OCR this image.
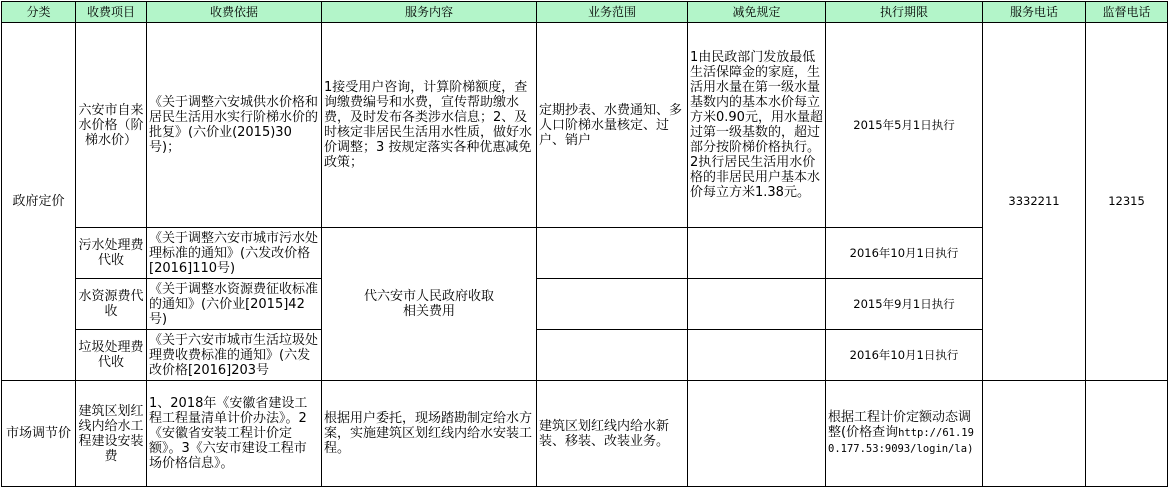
分类	收费项目	收费依据	服务内容	业务范围	减免规定	执行期限	服务电话	监督电话
政府定价	六安市自来水价格（阶梯水价）	《关于调整六安城供水价格和居民生活用水实行阶梯水价的批复》(六价业(2015)30号)；	1接受用户咨询，计算阶梯额度，查询缴费编号和水费，宣传帮助缴水费，及时发布各类涉水信息；2、及时核定非居民生活用水性质，做好水价调整；3 按规定落实各种优惠减免政策；	定期抄表、水费通知、多人口阶梯水量核定、过户、销户	1由民政部门发放最低生活保障金的家庭，生活用水量在第一级水量基数内的基本水价每立方米0.90元，用水量超过第一级基数的，超过部分按阶梯价格执行。2执行居民生活用水价格的非居民用户基本水价每立方米1.38元。	2015年5月1日执行	3332211	12315
	污水处理费代收	《关于调整六安市城市污水处理标准的通知》(六发改价格[2016]110号)	代六安市人民政府收取相关费用			2016年10月1日执行		
	水资源费代收	《关于调整水资源费征收标准的通知》(六价业[2015]42号)				2015年9月1日执行		
	垃圾处理费代收	《关于六安市城市生活垃圾处理费收费标准的通知》(六发改价格[2016]203号				2016年10月1日执行		
市场调节价	建筑区划红线内给水工程建设安装费	1、2018年《安徽省建设工程工程量清单计价办法》。2《安徽省安装工程计价定额》。3《六安市建设工程市场价格信息》。	根据用户委托，现场踏勘制定给水方案，实施建筑区划红线内给水安装工程。	建筑区划红线内给水新装、移装、改装业务。		根据工程计价定额动态调整(价格查询http://61.190.177.53:9093/login/la)		
